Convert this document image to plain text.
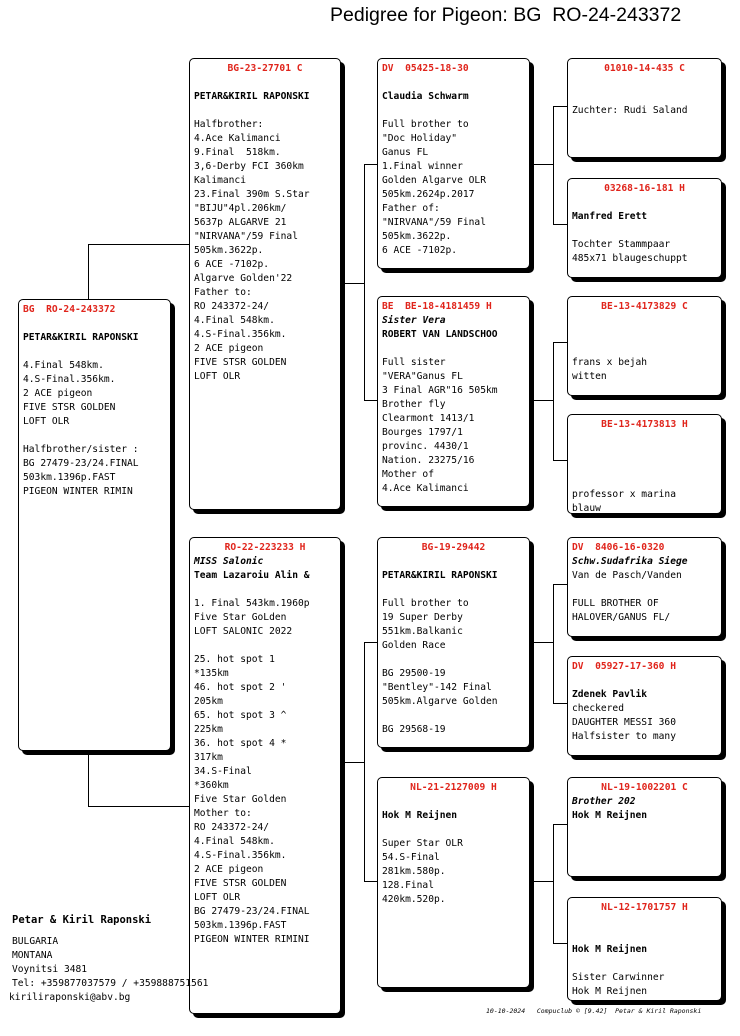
Pedigree for Pigeon: BG  RO-24-243372
BG  RO-24-243372
PETAR&KIRIL RAPONSKI
4.Final 548km.
4.S-Final.356km.
2 ACE pigeon
FIVE STSR GOLDEN
LOFT OLR
Halfbrother/sister :
BG 27479-23/24.FINAL
503km.1396p.FAST
PIGEON WINTER RIMIN
BG-23-27701 C
PETAR&KIRIL RAPONSKI
Halfbrother:
4.Ace Kalimanci
9.Final  518km.
3,6-Derby FCI 360km
Kalimanci
23.Final 390m S.Star
"BIJU"4pl.206km/
5637p ALGARVE 21
"NIRVANA"/59 Final
505km.3622p.
6 ACE -7102p.
Algarve Golden'22
Father to:
RO 243372-24/
4.Final 548km.
4.S-Final.356km.
2 ACE pigeon
FIVE STSR GOLDEN
LOFT OLR
RO-22-223233 H
MISS Salonic
Team Lazaroiu Alin &
1. Final 543km.1960p
Five Star GoLden
LOFT SALONIC 2022
25. hot spot 1
*135km
46. hot spot 2 '
205km
65. hot spot 3 ^
225km
36. hot spot 4 *
317km
34.S-Final
*360km
Five Star Golden
Mother to:
RO 243372-24/
4.Final 548km.
4.S-Final.356km.
2 ACE pigeon
FIVE STSR GOLDEN
LOFT OLR
BG 27479-23/24.FINAL
503km.1396p.FAST
PIGEON WINTER RIMINI
DV  05425-18-30
Claudia Schwarm
Full brother to
"Doc Holiday"
Ganus FL
1.Final winner
Golden Algarve OLR
505km.2624p.2017
Father of:
"NIRVANA"/59 Final
505km.3622p.
6 ACE -7102p.
BE  BE-18-4181459 H
Sister Vera
ROBERT VAN LANDSCHOO
Full sister
"VERA"Ganus FL
3 Final AGR"16 505km
Brother fly
Clearmont 1413/1
Bourges 1797/1
provinc. 4430/1
Nation. 23275/16
Mother of
4.Ace Kalimanci
BG-19-29442
PETAR&KIRIL RAPONSKI
Full brother to
19 Super Derby
551km.Balkanic
Golden Race
BG 29500-19
"Bentley"-142 Final
505km.Algarve Golden
BG 29568-19
NL-21-2127009 H
Hok M Reijnen
Super Star OLR
54.S-Final
281km.580p.
128.Final
420km.520p.
01010-14-435 C
Zuchter: Rudi Saland
03268-16-181 H
Manfred Erett
Tochter Stammpaar
485x71 blaugeschuppt
BE-13-4173829 C
frans x bejah
witten
BE-13-4173813 H
professor x marina
blauw
DV  8406-16-0320
Schw.Sudafrika Siege
Van de Pasch/Vanden
FULL BROTHER OF
HALOVER/GANUS FL/
DV  05927-17-360 H
Zdenek Pavlik
checkered
DAUGHTER MESSI 360
Halfsister to many
NL-19-1002201 C
Brother 202
Hok M Reijnen
NL-12-1701757 H
Hok M Reijnen
Sister Carwinner
Hok M Reijnen
Petar & Kiril Raponski
BULGARIA
MONTANA
Voynitsi 3481
Tel: +359877037579 / +359888751561
kiriliraponski@abv.bg
10-10-2024   Compuclub © [9.42]  Petar & Kiril Raponski
